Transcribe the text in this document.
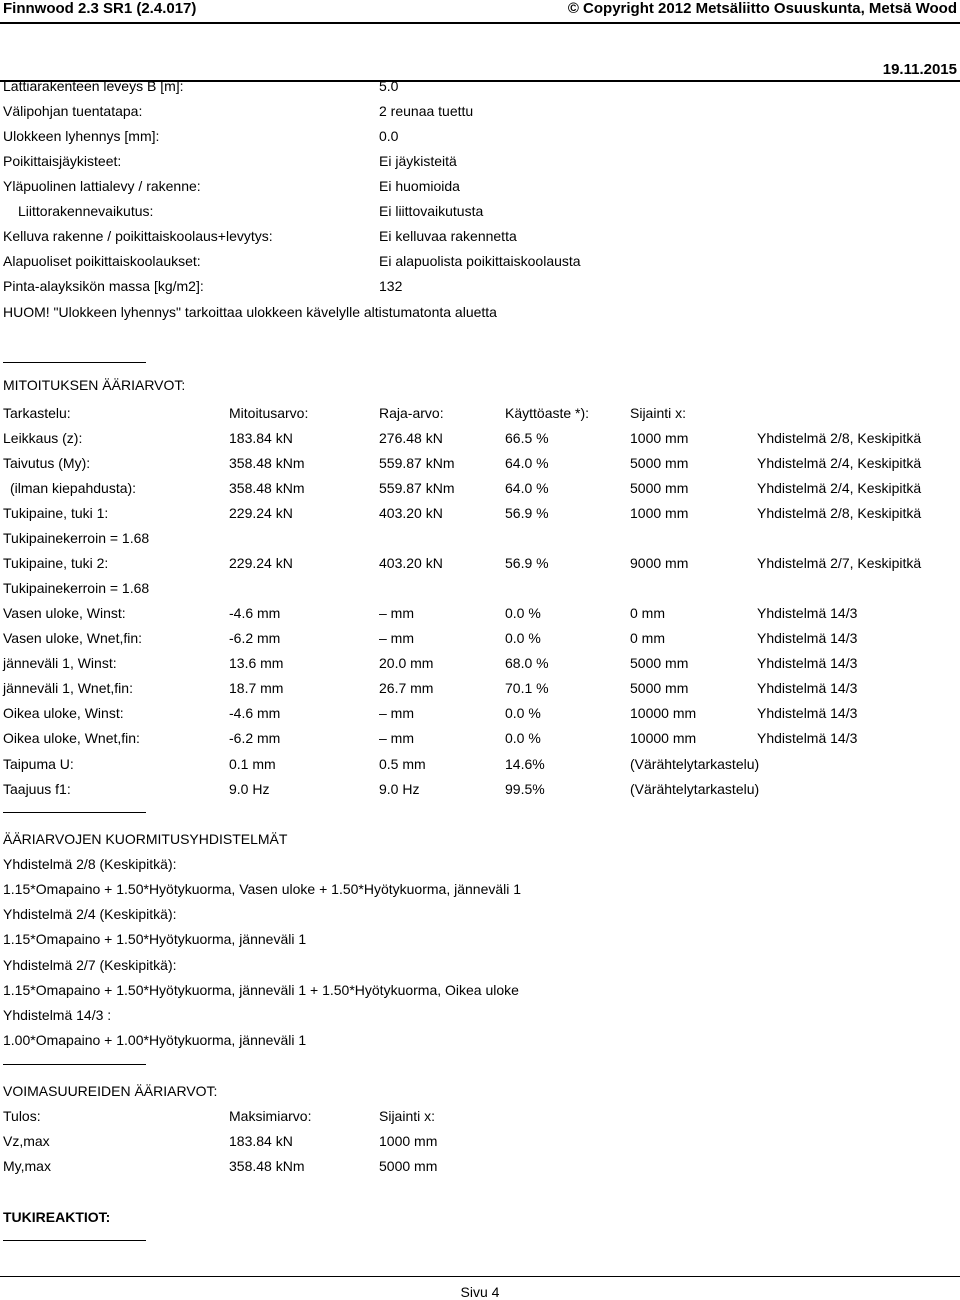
Finnwood 2.3 SR1 (2.4.017)	© Copyright 2012 Metsäliitto Osuuskunta, Metsä Wood
19.11.2015
Lattiarakenteen leveys B [m]:	5.0
Välipohjan tuentatapa:	2 reunaa tuettu
Ulokkeen lyhennys [mm]:	0.0
Poikittaisjäykisteet:	Ei jäykisteitä
Yläpuolinen lattialevy / rakenne:	Ei huomioida
Liittorakennevaikutus:	Ei liittovaikutusta
Kelluva rakenne / poikittaiskoolaus+levytys:	Ei kelluvaa rakennetta
Alapuoliset poikittaiskoolaukset:	Ei alapuolista poikittaiskoolausta
Pinta-alayksikön massa [kg/m2]:	132
HUOM! "Ulokkeen lyhennys" tarkoittaa ulokkeen kävelylle altistumatonta aluetta
MITOITUKSEN ÄÄRIARVOT:
Tarkastelu:	Mitoitusarvo:	Raja-arvo:	Käyttöaste *):	Sijainti x:
Leikkaus (z):	183.84 kN	276.48 kN	66.5 %	1000 mm	Yhdistelmä 2/8, Keskipitkä
Taivutus (My):	358.48 kNm	559.87 kNm	64.0 %	5000 mm	Yhdistelmä 2/4, Keskipitkä
(ilman kiepahdusta):	358.48 kNm	559.87 kNm	64.0 %	5000 mm	Yhdistelmä 2/4, Keskipitkä
Tukipaine, tuki 1:	229.24 kN	403.20 kN	56.9 %	1000 mm	Yhdistelmä 2/8, Keskipitkä
Tukipainekerroin = 1.68
Tukipaine, tuki 2:	229.24 kN	403.20 kN	56.9 %	9000 mm	Yhdistelmä 2/7, Keskipitkä
Tukipainekerroin = 1.68
Vasen uloke, Winst:	-4.6 mm	– mm	0.0 %	0 mm	Yhdistelmä 14/3
Vasen uloke, Wnet,fin:	-6.2 mm	– mm	0.0 %	0 mm	Yhdistelmä 14/3
jänneväli 1, Winst:	13.6 mm	20.0 mm	68.0 %	5000 mm	Yhdistelmä 14/3
jänneväli 1, Wnet,fin:	18.7 mm	26.7 mm	70.1 %	5000 mm	Yhdistelmä 14/3
Oikea uloke, Winst:	-4.6 mm	– mm	0.0 %	10000 mm	Yhdistelmä 14/3
Oikea uloke, Wnet,fin:	-6.2 mm	– mm	0.0 %	10000 mm	Yhdistelmä 14/3
Taipuma U:	0.1 mm	0.5 mm	14.6%	(Värähtelytarkastelu)
Taajuus f1:	9.0 Hz	9.0 Hz	99.5%	(Värähtelytarkastelu)
ÄÄRIARVOJEN KUORMITUSYHDISTELMÄT
Yhdistelmä 2/8 (Keskipitkä):
1.15*Omapaino + 1.50*Hyötykuorma, Vasen uloke + 1.50*Hyötykuorma, jänneväli 1
Yhdistelmä 2/4 (Keskipitkä):
1.15*Omapaino + 1.50*Hyötykuorma, jänneväli 1
Yhdistelmä 2/7 (Keskipitkä):
1.15*Omapaino + 1.50*Hyötykuorma, jänneväli 1 + 1.50*Hyötykuorma, Oikea uloke
Yhdistelmä 14/3 :
1.00*Omapaino + 1.00*Hyötykuorma, jänneväli 1
VOIMASUUREIDEN ÄÄRIARVOT:
Tulos:	Maksimiarvo:	Sijainti x:
Vz,max	183.84 kN	1000 mm
My,max	358.48 kNm	5000 mm
TUKIREAKTIOT:
Sivu 4
